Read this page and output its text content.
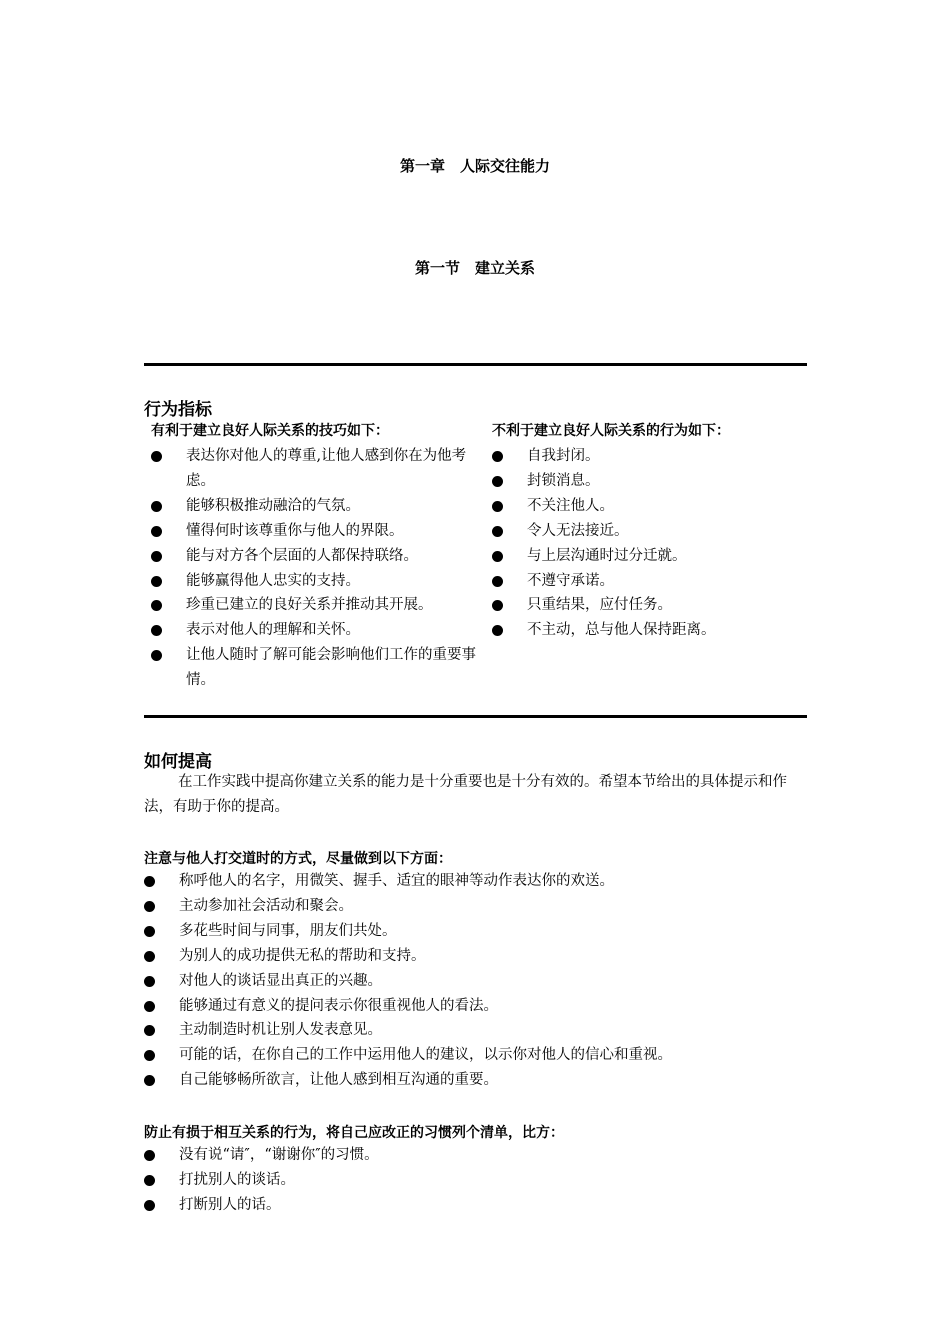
第一章　人际交往能力
第一节　建立关系
行为指标
有利于建立良好人际关系的技巧如下：
表达你对他人的尊重,让他人感到你在为他考虑。
能够积极推动融洽的气氛。
懂得何时该尊重你与他人的界限。
能与对方各个层面的人都保持联络。
能够赢得他人忠实的支持。
珍重已建立的良好关系并推动其开展。
表示对他人的理解和关怀。
让他人随时了解可能会影响他们工作的重要事情。
不利于建立良好人际关系的行为如下：
自我封闭。
封锁消息。
不关注他人。
令人无法接近。
与上层沟通时过分迁就。
不遵守承诺。
只重结果，应付任务。
不主动，总与他人保持距离。
如何提高
在工作实践中提高你建立关系的能力是十分重要也是十分有效的。希望本节给出的具体提示和作法，有助于你的提高。
注意与他人打交道时的方式，尽量做到以下方面：
称呼他人的名字，用微笑、握手、适宜的眼神等动作表达你的欢送。
主动参加社会活动和聚会。
多花些时间与同事，朋友们共处。
为别人的成功提供无私的帮助和支持。
对他人的谈话显出真正的兴趣。
能够通过有意义的提问表示你很重视他人的看法。
主动制造时机让别人发表意见。
可能的话，在你自己的工作中运用他人的建议，以示你对他人的信心和重视。
自己能够畅所欲言，让他人感到相互沟通的重要。
防止有损于相互关系的行为，将自己应改正的习惯列个清单，比方：
没有说“请″，“谢谢你″的习惯。
打扰别人的谈话。
打断别人的话。
